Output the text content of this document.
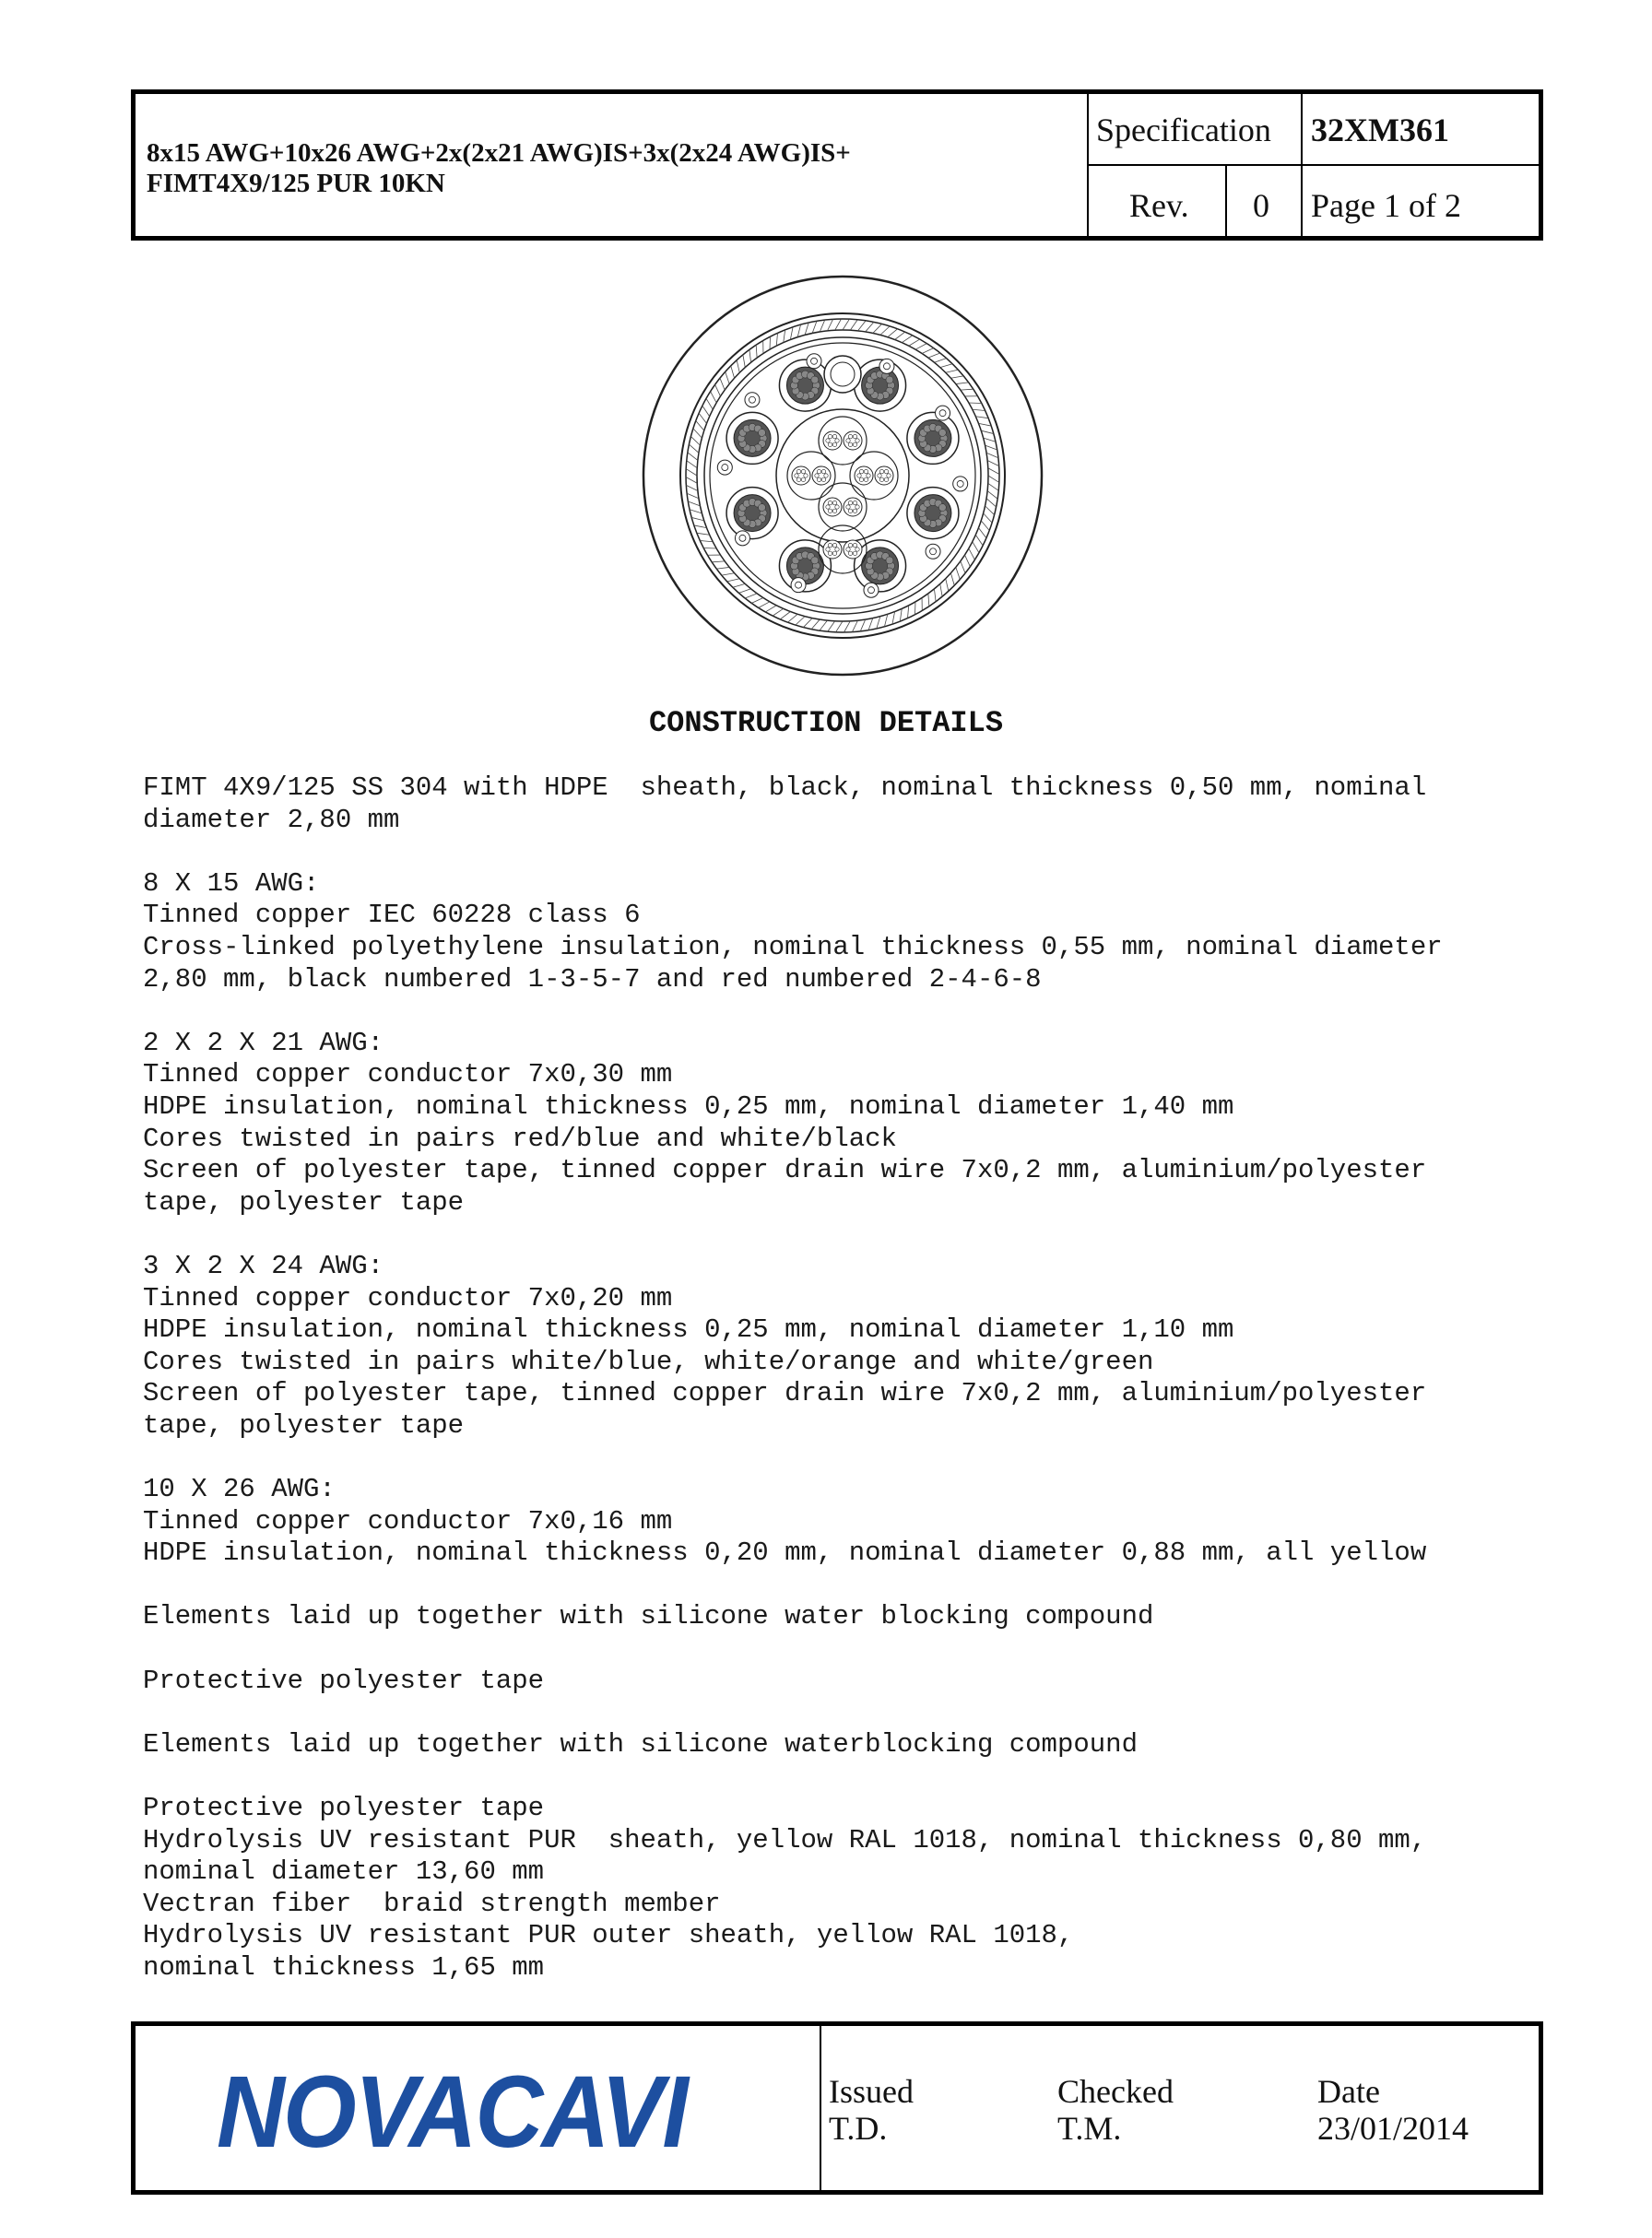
8x15 AWG+10x26 AWG+2x(2x21 AWG)IS+3x(2x24 AWG)IS+
FIMT4X9/125 PUR 10KN
Specification 32XM361
Rev. 0 Page 1 of 2
CONSTRUCTION DETAILS
FIMT 4X9/125 SS 304 with HDPE  sheath, black, nominal thickness 0,50 mm, nominal
diameter 2,80 mm
8 X 15 AWG:
Tinned copper IEC 60228 class 6
Cross-linked polyethylene insulation, nominal thickness 0,55 mm, nominal diameter
2,80 mm, black numbered 1-3-5-7 and red numbered 2-4-6-8
2 X 2 X 21 AWG:
Tinned copper conductor 7x0,30 mm
HDPE insulation, nominal thickness 0,25 mm, nominal diameter 1,40 mm
Cores twisted in pairs red/blue and white/black
Screen of polyester tape, tinned copper drain wire 7x0,2 mm, aluminium/polyester
tape, polyester tape
3 X 2 X 24 AWG:
Tinned copper conductor 7x0,20 mm
HDPE insulation, nominal thickness 0,25 mm, nominal diameter 1,10 mm
Cores twisted in pairs white/blue, white/orange and white/green
Screen of polyester tape, tinned copper drain wire 7x0,2 mm, aluminium/polyester
tape, polyester tape
10 X 26 AWG:
Tinned copper conductor 7x0,16 mm
HDPE insulation, nominal thickness 0,20 mm, nominal diameter 0,88 mm, all yellow
Elements laid up together with silicone water blocking compound
Protective polyester tape
Elements laid up together with silicone waterblocking compound
Protective polyester tape
Hydrolysis UV resistant PUR  sheath, yellow RAL 1018, nominal thickness 0,80 mm,
nominal diameter 13,60 mm
Vectran fiber  braid strength member
Hydrolysis UV resistant PUR outer sheath, yellow RAL 1018,
nominal thickness 1,65 mm
NOVACAVI	Issued
T.D.
Checked
T.M.
Date
23/01/2014
